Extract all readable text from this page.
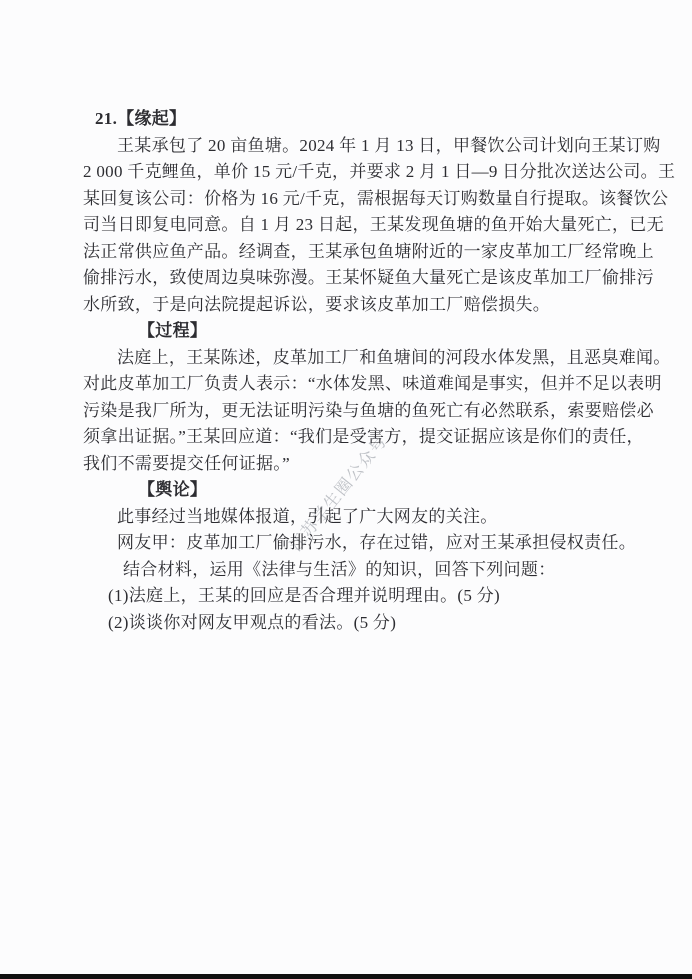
江苏学生圈公众号
21.【缘起】
王某承包了 20 亩鱼塘。2024 年 1 月 13 日，甲餐饮公司计划向王某订购
2 000 千克鲤鱼，单价 15 元/千克，并要求 2 月 1 日—9 日分批次送达公司。王
某回复该公司：价格为 16 元/千克，需根据每天订购数量自行提取。该餐饮公
司当日即复电同意。自 1 月 23 日起，王某发现鱼塘的鱼开始大量死亡，已无
法正常供应鱼产品。经调查，王某承包鱼塘附近的一家皮革加工厂经常晚上
偷排污水，致使周边臭味弥漫。王某怀疑鱼大量死亡是该皮革加工厂偷排污
水所致，于是向法院提起诉讼，要求该皮革加工厂赔偿损失。
【过程】
法庭上，王某陈述，皮革加工厂和鱼塘间的河段水体发黑，且恶臭难闻。
对此皮革加工厂负责人表示：“水体发黑、味道难闻是事实，但并不足以表明
污染是我厂所为，更无法证明污染与鱼塘的鱼死亡有必然联系，索要赔偿必
须拿出证据。”王某回应道：“我们是受害方，提交证据应该是你们的责任，
我们不需要提交任何证据。”
【舆论】
此事经过当地媒体报道，引起了广大网友的关注。
网友甲：皮革加工厂偷排污水，存在过错，应对王某承担侵权责任。
结合材料，运用《法律与生活》的知识，回答下列问题：
(1)法庭上，王某的回应是否合理并说明理由。(5 分)
(2)谈谈你对网友甲观点的看法。(5 分)
